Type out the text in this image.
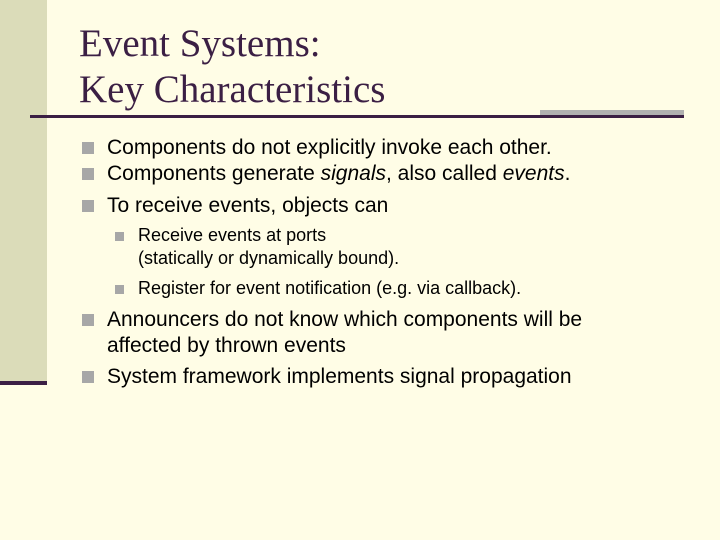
Event Systems:
Key Characteristics
Components do not explicitly invoke each other.
Components generate signals, also called events.
To receive events, objects can
Receive events at ports
(statically or dynamically bound).
Register for event notification (e.g. via callback).
Announcers do not know which components will be
affected by thrown events
System framework implements signal propagation
